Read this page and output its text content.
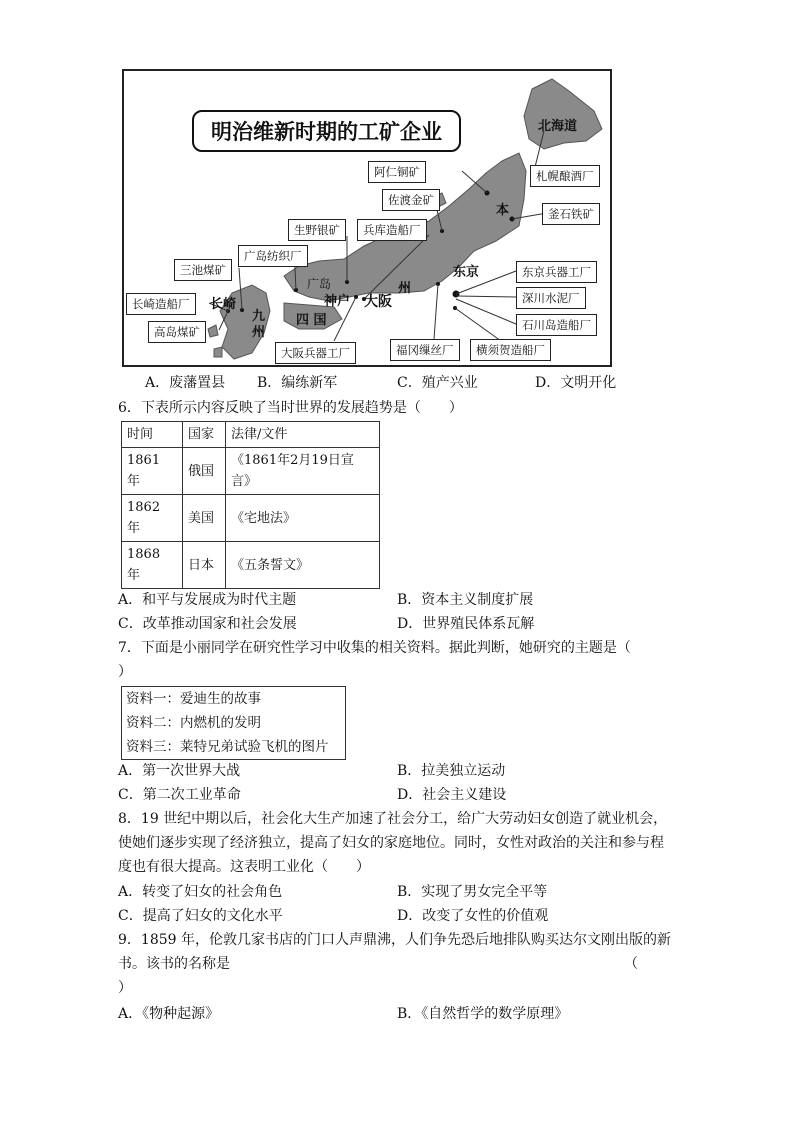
明治维新时期的工矿企业	北海道
本
州
东京
广岛
神户 大阪
长崎
九
州
四 国
札幌酿酒厂
釜石铁矿
阿仁铜矿
佐渡金矿
生野银矿	兵库造船厂
广岛纺织厂
三池煤矿
长崎造船厂
高岛煤矿
大阪兵器工厂	福冈缫丝厂	横须贺造船厂
东京兵器工厂
深川水泥厂
石川岛造船厂
A．废藩置县 B．编练新军	C．殖产兴业	D．文明开化
6．下表所示内容反映了当时世界的发展趋势是（　　）
时间	国家	法律/文件
1861
年	俄国	《1861年2月19日宣
言》
1862
年	美国	《宅地法》
1868
年	日本	《五条誓文》
A．和平与发展成为时代主题	B．资本主义制度扩展
C．改革推动国家和社会发展	D．世界殖民体系瓦解
7．下面是小丽同学在研究性学习中收集的相关资料。据此判断，她研究的主题是（
）
资料一：爱迪生的故事
资料二：内燃机的发明
资料三：莱特兄弟试验飞机的图片
A．第一次世界大战	B．拉美独立运动
C．第二次工业革命	D．社会主义建设
8．19 世纪中期以后，社会化大生产加速了社会分工，给广大劳动妇女创造了就业机会，
使她们逐步实现了经济独立，提高了妇女的家庭地位。同时，女性对政治的关注和参与程
度也有很大提高。这表明工业化（　　）
A．转变了妇女的社会角色	B．实现了男女完全平等
C．提高了妇女的文化水平	D．改变了女性的价值观
9．1859 年，伦敦几家书店的门口人声鼎沸，人们争先恐后地排队购买达尔文刚出版的新
书。该书的名称是	（
）
A．《物种起源》	B．《自然哲学的数学原理》
